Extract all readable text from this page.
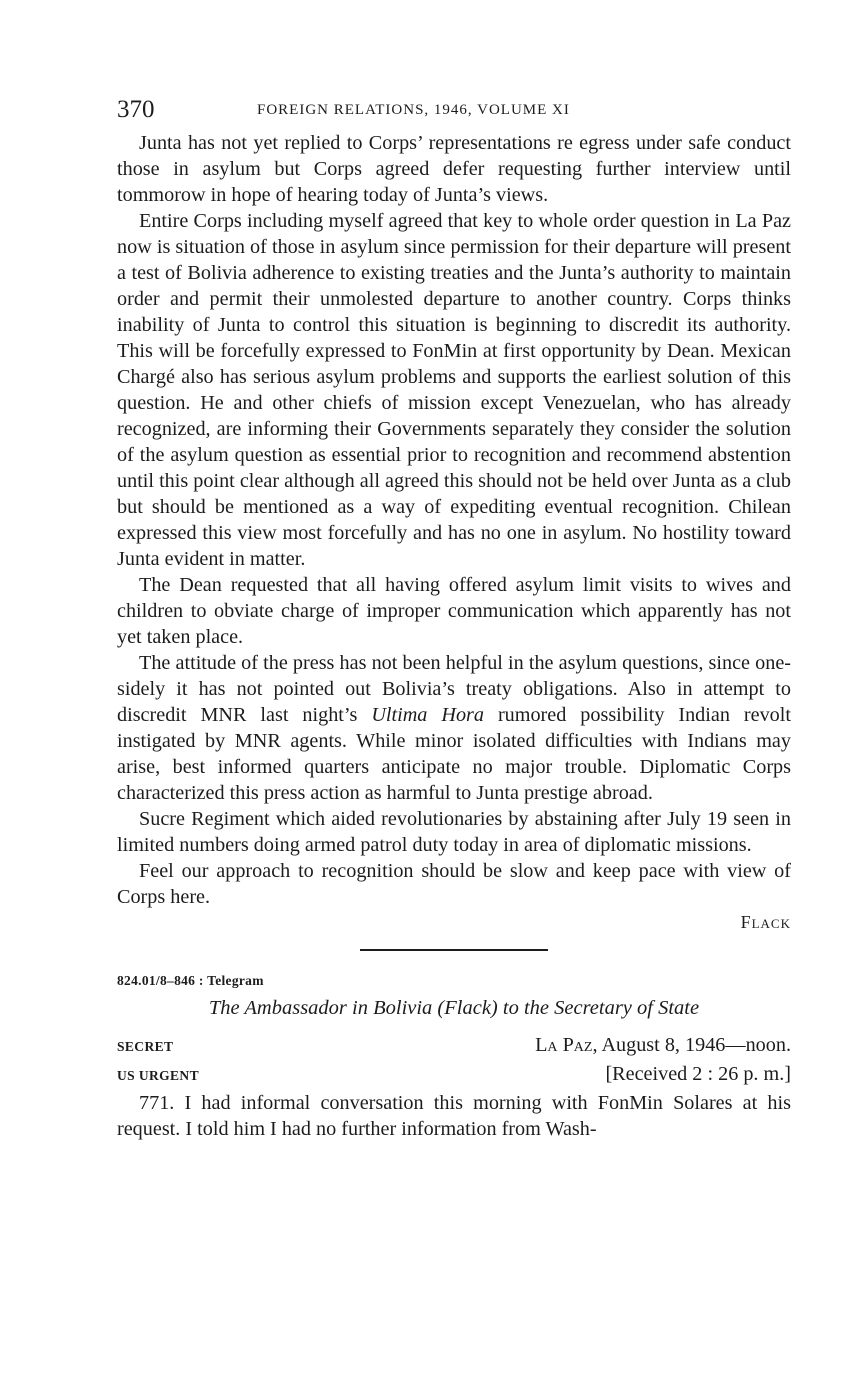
370	FOREIGN RELATIONS, 1946, VOLUME XI

Junta has not yet replied to Corps’ representations re egress under safe conduct those in asylum but Corps agreed defer requesting further interview until tommorow in hope of hearing today of Junta’s views.

Entire Corps including myself agreed that key to whole order question in La Paz now is situation of those in asylum since permission for their departure will present a test of Bolivia adherence to existing treaties and the Junta’s authority to maintain order and permit their unmolested departure to another country. Corps thinks inability of Junta to control this situation is beginning to discredit its authority. This will be forcefully expressed to FonMin at first opportunity by Dean. Mexican Chargé also has serious asylum problems and supports the earliest solution of this question. He and other chiefs of mission except Venezuelan, who has already recognized, are informing their Governments separately they consider the solution of the asylum question as essential prior to recognition and recommend abstention until this point clear although all agreed this should not be held over Junta as a club but should be mentioned as a way of expediting eventual recognition. Chilean expressed this view most forcefully and has no one in asylum. No hostility toward Junta evident in matter.

The Dean requested that all having offered asylum limit visits to wives and children to obviate charge of improper communication which apparently has not yet taken place.

The attitude of the press has not been helpful in the asylum questions, since one-sidely it has not pointed out Bolivia’s treaty obligations. Also in attempt to discredit MNR last night’s Ultima Hora rumored possibility Indian revolt instigated by MNR agents. While minor isolated difficulties with Indians may arise, best informed quarters anticipate no major trouble. Diplomatic Corps characterized this press action as harmful to Junta prestige abroad.

Sucre Regiment which aided revolutionaries by abstaining after July 19 seen in limited numbers doing armed patrol duty today in area of diplomatic missions.

Feel our approach to recognition should be slow and keep pace with view of Corps here.

Flack
824.01/8–846 : Telegram
The Ambassador in Bolivia (Flack) to the Secretary of State
SECRET	La Paz, August 8, 1946—noon.
US URGENT	[Received 2 : 26 p. m.]

771. I had informal conversation this morning with FonMin Solares at his request. I told him I had no further information from Wash-
